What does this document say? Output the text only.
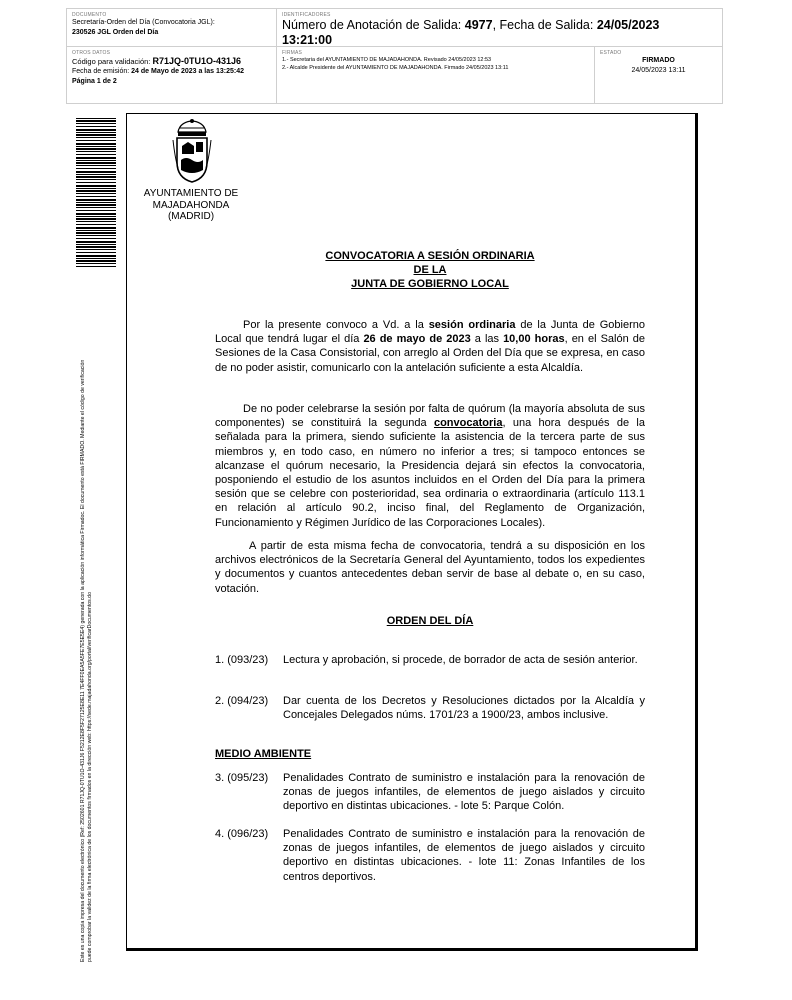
DOCUMENTO
Secretaría-Orden del Día (Convocatoria JGL):
230526 JGL Orden del Día
IDENTIFICADORES
Número de Anotación de Salida: 4977, Fecha de Salida: 24/05/2023
13:21:00
OTROS DATOS
Código para validación: R71JQ-0TU1O-431J6
Fecha de emisión: 24 de Mayo de 2023 a las 13:25:42
Página 1 de 2
FIRMAS
1.- Secretaria del AYUNTAMIENTO DE MAJADAHONDA. Revisado 24/05/2023 12:53
2.- Alcalde Presidente del AYUNTAMIENTO DE MAJADAHONDA. Firmado 24/05/2023 13:11
ESTADO
FIRMADO
24/05/2023 13:11
Este es una copia impresa del documento electrónico (Ref: 2502601 R71JQ-0TU1O-431J6 F5212E8F5F27125E8E11 7E4FF0EA5A5FE7E5E5E4) generada con la aplicación informática Firmadoc. El documento está FIRMADO. Mediante el código de verificación puede comprobar la validez de la firma electrónica de los documentos firmados en la dirección web: https://sede.majadahonda.org/portal/verificarDocumentos.do
AYUNTAMIENTO DE
MAJADAHONDA
(MADRID)
CONVOCATORIA A SESIÓN ORDINARIA
DE LA
JUNTA DE GOBIERNO LOCAL
Por la presente convoco a Vd. a la sesión ordinaria de la Junta de Gobierno Local que tendrá lugar el día 26 de mayo de 2023 a las 10,00 horas, en el Salón de Sesiones de la Casa Consistorial, con arreglo al Orden del Día que se expresa, en caso de no poder asistir, comunicarlo con la antelación suficiente a esta Alcaldía.
De no poder celebrarse la sesión por falta de quórum (la mayoría absoluta de sus componentes) se constituirá la segunda convocatoria, una hora después de la señalada para la primera, siendo suficiente la asistencia de la tercera parte de sus miembros y, en todo caso, en número no inferior a tres; si tampoco entonces se alcanzase el quórum necesario, la Presidencia dejará sin efectos la convocatoria, posponiendo el estudio de los asuntos incluidos en el Orden del Día para la primera sesión que se celebre con posterioridad, sea ordinaria o extraordinaria (artículo 113.1 en relación al artículo 90.2, inciso final, del Reglamento de Organización, Funcionamiento y Régimen Jurídico de las Corporaciones Locales).
A partir de esta misma fecha de convocatoria, tendrá a su disposición en los archivos electrónicos de la Secretaría General del Ayuntamiento, todos los expedientes y documentos y cuantos antecedentes deban servir de base al debate o, en su caso, votación.
ORDEN DEL DÍA
1. (093/23)	Lectura y aprobación, si procede, de borrador de acta de sesión anterior.
2. (094/23)	Dar cuenta de los Decretos y Resoluciones dictados por la Alcaldía y Concejales Delegados núms. 1701/23 a 1900/23, ambos inclusive.
MEDIO AMBIENTE
3. (095/23)	Penalidades Contrato de suministro e instalación para la renovación de zonas de juegos infantiles, de elementos de juego aislados y circuito deportivo en distintas ubicaciones. - lote 5: Parque Colón.
4. (096/23)	Penalidades Contrato de suministro e instalación para la renovación de zonas de juegos infantiles, de elementos de juego aislados y circuito deportivo en distintas ubicaciones. - lote 11: Zonas Infantiles de los centros deportivos.
